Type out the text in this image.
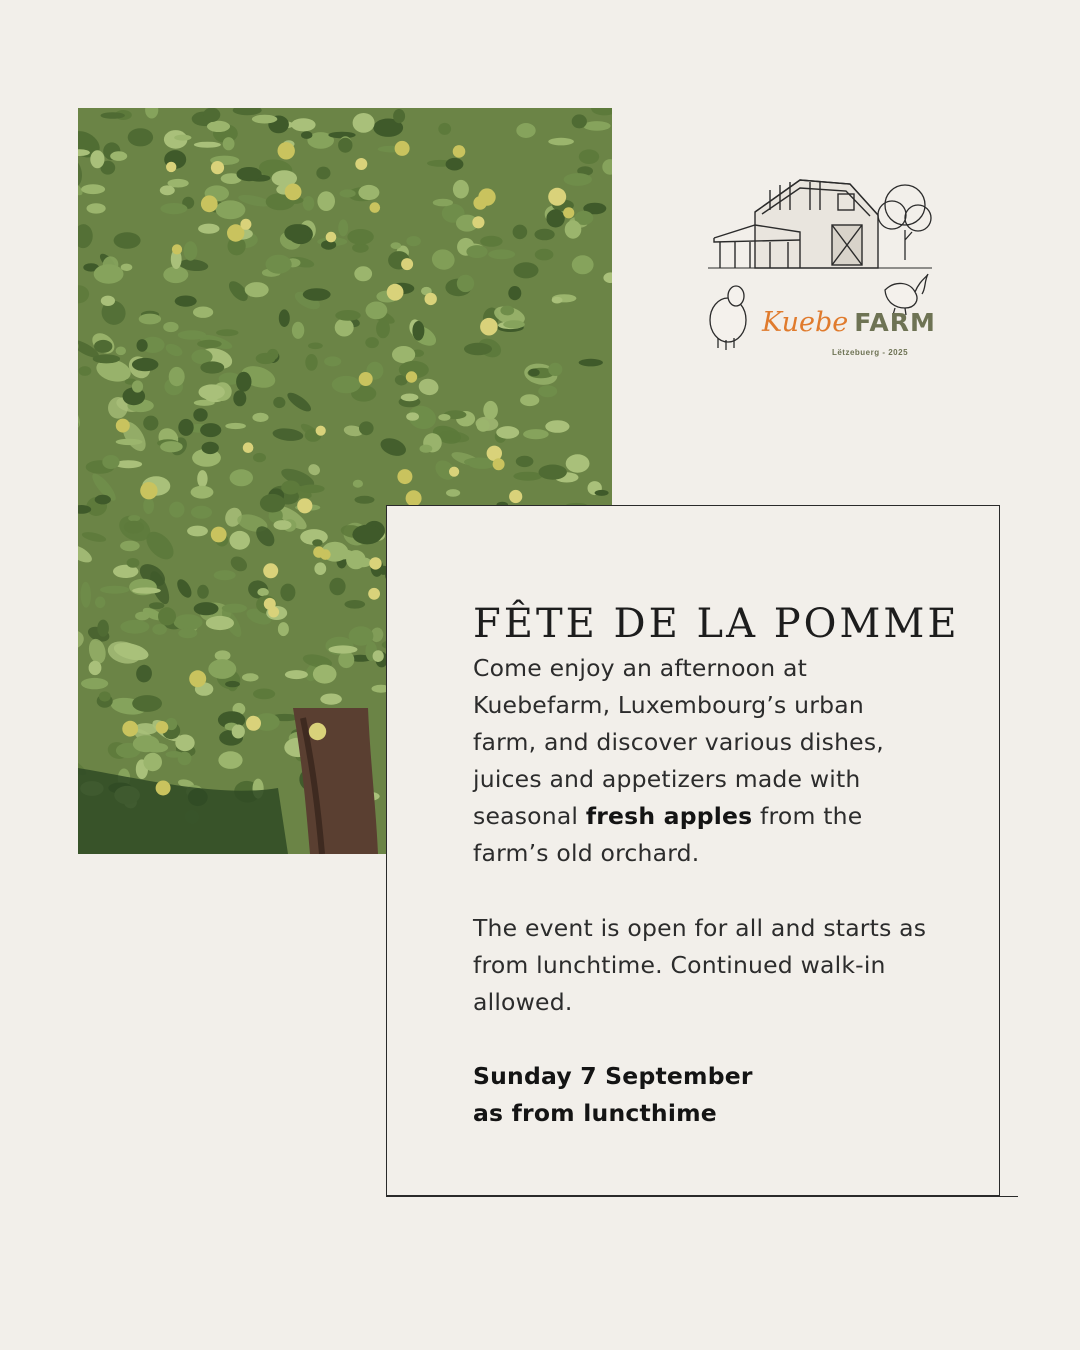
Kuebe FARM
Lëtzebuerg - 2025
FÊTE DE LA POMME
Come enjoy an afternoon at
Kuebefarm, Luxembourg’s urban
farm, and discover various dishes,
juices and appetizers made with
seasonal fresh apples from the
farm’s old orchard.
The event is open for all and starts as
from lunchtime. Continued walk-in
allowed.
Sunday 7 September
as from luncthime
